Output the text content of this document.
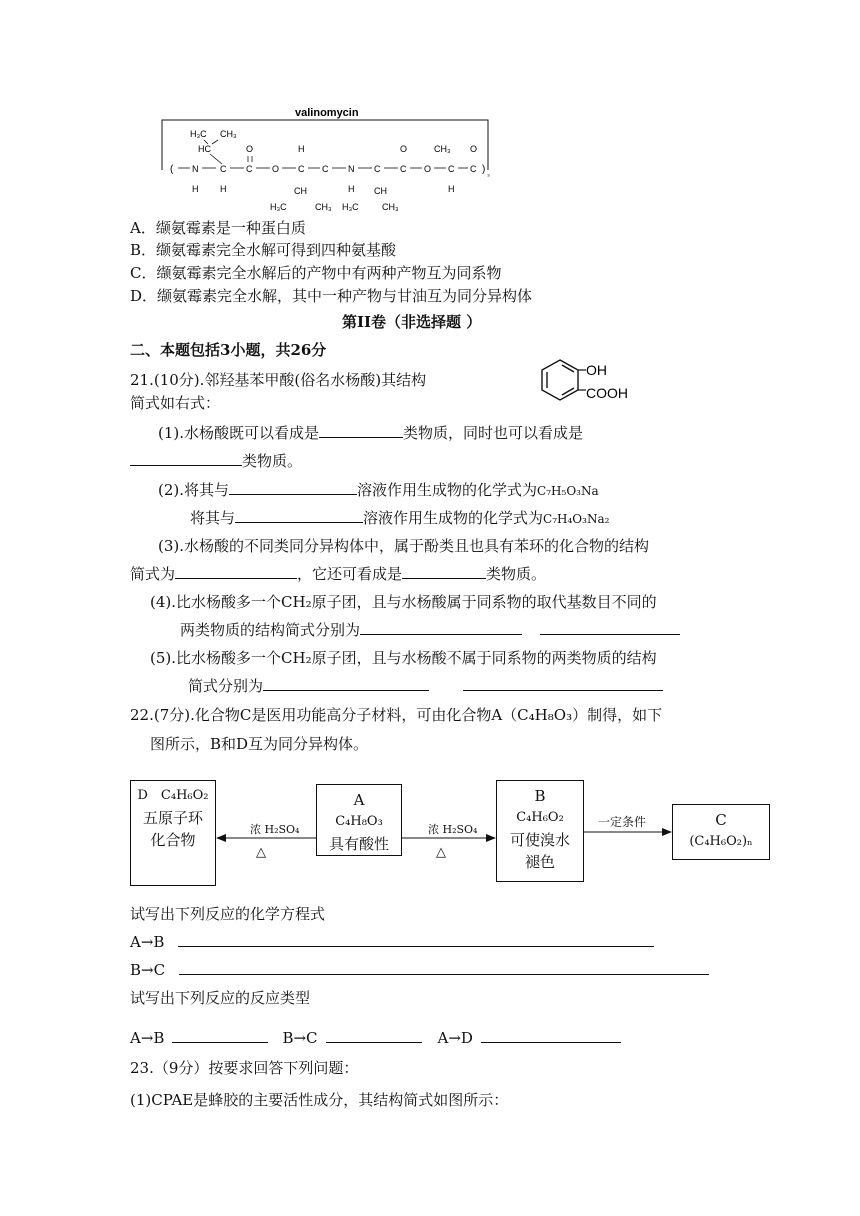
valinomycin
H₃C CH₃
HC
( N
H
C
H
C
O
O C
H
C N
H
C C
O
O C
CH₃
C
O
) ₃
H
CH	CH
H₃C	CH₃ H₃C	CH₃
A．缬氨霉素是一种蛋白质
B．缬氨霉素完全水解可得到四种氨基酸
C．缬氨霉素完全水解后的产物中有两种产物互为同系物
D．缬氨霉素完全水解，其中一种产物与甘油互为同分异构体
第II卷（非选择题 ）
二、本题包括3小题，共26分
21.(10分).邻羟基苯甲酸(俗名水杨酸)其结构
简式如右式：
OH
COOH
(1).水杨酸既可以看成是	类物质，同时也可以看成是
类物质。
(2).将其与	溶液作用生成物的化学式为C₇H₅O₃Na
将其与	溶液作用生成物的化学式为C₇H₄O₃Na₂
(3).水杨酸的不同类同分异构体中，属于酚类且也具有苯环的化合物的结构
简式为	，它还可看成是	类物质。
(4).比水杨酸多一个CH₂原子团，且与水杨酸属于同系物的取代基数目不同的
两类物质的结构简式分别为
(5).比水杨酸多一个CH₂原子团，且与水杨酸不属于同系物的两类物质的结构
简式分别为
22.(7分).化合物C是医用功能高分子材料，可由化合物A（C₄H₈O₃）制得，如下
图所示，B和D互为同分异构体。
D　C₄H₆O₂
五原子环
化合物
A
C₄H₈O₃
具有酸性
B
C₄H₆O₂
可使溴水
褪色
C
(C₄H₆O₂)ₙ
浓 H₂SO₄
△
浓 H₂SO₄
△
一定条件
试写出下列反应的化学方程式
A→B
B→C
试写出下列反应的反应类型
A→B	B→C	A→D
23.（9分）按要求回答下列问题：
(1)CPAE是蜂胶的主要活性成分，其结构简式如图所示：
